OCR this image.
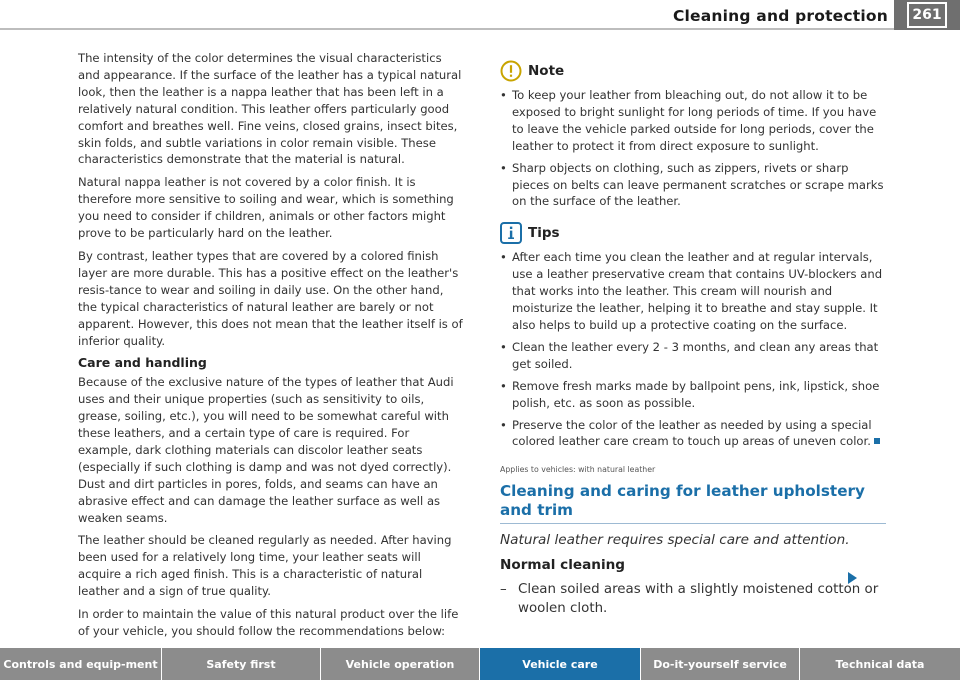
Cleaning and protection	261

The intensity of the color determines the visual characteristics and appearance. If the surface of the leather has a typical natural look, then the leather is a nappa leather that has been left in a relatively natural condition. This leather offers particularly good comfort and breathes well. Fine veins, closed grains, insect bites, skin folds, and subtle variations in color remain visible. These characteristics demonstrate that the material is natural.

Natural nappa leather is not covered by a color finish. It is therefore more sensitive to soiling and wear, which is something you need to consider if children, animals or other factors might prove to be particularly hard on the leather.

By contrast, leather types that are covered by a colored finish layer are more durable. This has a positive effect on the leather's resis-tance to wear and soiling in daily use. On the other hand, the typical characteristics of natural leather are barely or not apparent. However, this does not mean that the leather itself is of inferior quality.

Care and handling

Because of the exclusive nature of the types of leather that Audi uses and their unique properties (such as sensitivity to oils, grease, soiling, etc.), you will need to be somewhat careful with these leathers, and a certain type of care is required. For example, dark clothing materials can discolor leather seats (especially if such clothing is damp and was not dyed correctly). Dust and dirt particles in pores, folds, and seams can have an abrasive effect and can damage the leather surface as well as weaken seams.

The leather should be cleaned regularly as needed. After having been used for a relatively long time, your leather seats will acquire a rich aged finish. This is a characteristic of natural leather and a sign of true quality.

In order to maintain the value of this natural product over the life of your vehicle, you should follow the recommendations below:

Note
• To keep your leather from bleaching out, do not allow it to be exposed to bright sunlight for long periods of time. If you have to leave the vehicle parked outside for long periods, cover the leather to protect it from direct exposure to sunlight.
• Sharp objects on clothing, such as zippers, rivets or sharp pieces on belts can leave permanent scratches or scrape marks on the surface of the leather.
Tips
• After each time you clean the leather and at regular intervals, use a leather preservative cream that contains UV-blockers and that works into the leather. This cream will nourish and moisturize the leather, helping it to breathe and stay supple. It also helps to build up a protective coating on the surface.
• Clean the leather every 2 - 3 months, and clean any areas that get soiled.
• Remove fresh marks made by ballpoint pens, ink, lipstick, shoe polish, etc. as soon as possible.
• Preserve the color of the leather as needed by using a special colored leather care cream to touch up areas of uneven color.
Applies to vehicles: with natural leather
Cleaning and caring for leather upholstery and trim
Natural leather requires special care and attention.
Normal cleaning
– Clean soiled areas with a slightly moistened cotton or woolen cloth.
Controls and equip-ment	Safety first	Vehicle operation	Vehicle care	Do-it-yourself service	Technical data
